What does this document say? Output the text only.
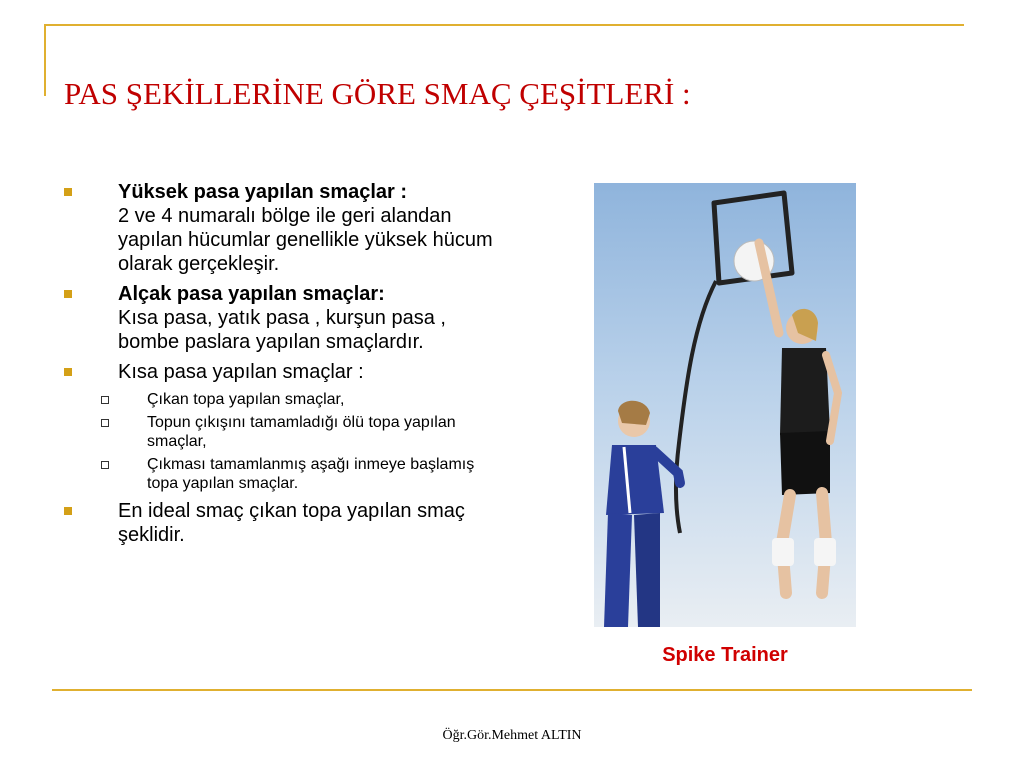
PAS ŞEKİLLERİNE GÖRE SMAÇ ÇEŞİTLERİ :
Yüksek pasa yapılan smaçlar :
2 ve 4 numaralı bölge ile geri alandan yapılan hücumlar genellikle yüksek hücum olarak gerçekleşir.
Alçak pasa yapılan smaçlar:
Kısa pasa, yatık pasa , kurşun pasa , bombe paslara yapılan smaçlardır.
Kısa pasa yapılan smaçlar :
Çıkan topa yapılan smaçlar,
Topun çıkışını tamamladığı ölü topa yapılan smaçlar,
Çıkması tamamlanmış aşağı inmeye başlamış topa yapılan smaçlar.
En ideal smaç çıkan topa yapılan smaç şeklidir.
Spike Trainer
Öğr.Gör.Mehmet ALTIN
